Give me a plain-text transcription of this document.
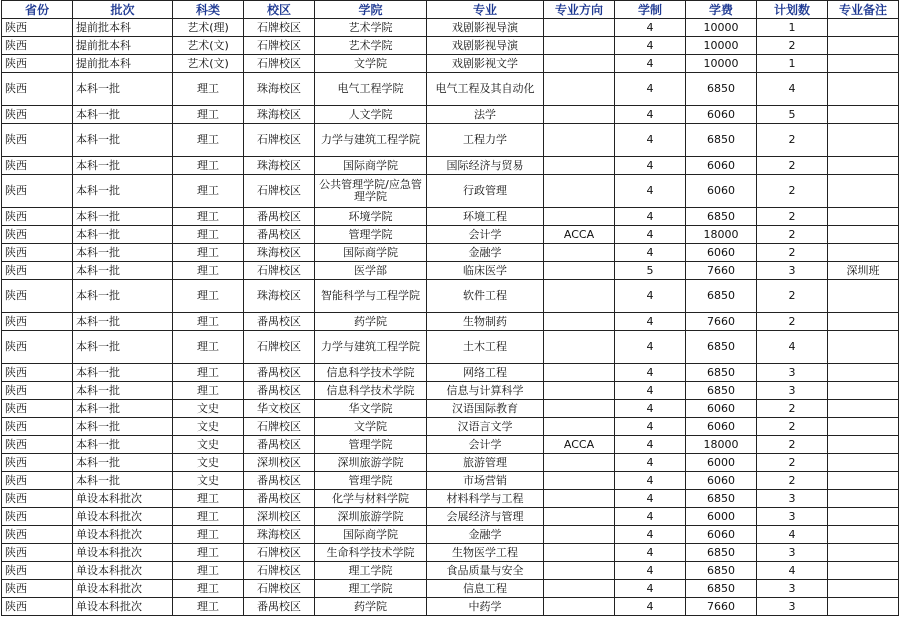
省份	批次	科类	校区	学院	专业	专业方向	学制	学费	计划数	专业备注
陕西	提前批本科	艺术(理)	石牌校区	艺术学院	戏剧影视导演		4	10000	1	
陕西	提前批本科	艺术(文)	石牌校区	艺术学院	戏剧影视导演		4	10000	2	
陕西	提前批本科	艺术(文)	石牌校区	文学院	戏剧影视文学		4	10000	1	
陕西	本科一批	理工	珠海校区	电气工程学院	电气工程及其自动化		4	6850	4	
陕西	本科一批	理工	珠海校区	人文学院	法学		4	6060	5	
陕西	本科一批	理工	石牌校区	力学与建筑工程学院	工程力学		4	6850	2	
陕西	本科一批	理工	珠海校区	国际商学院	国际经济与贸易		4	6060	2	
陕西	本科一批	理工	石牌校区	公共管理学院/应急管理学院	行政管理		4	6060	2	
陕西	本科一批	理工	番禺校区	环境学院	环境工程		4	6850	2	
陕西	本科一批	理工	番禺校区	管理学院	会计学	ACCA	4	18000	2	
陕西	本科一批	理工	珠海校区	国际商学院	金融学		4	6060	2	
陕西	本科一批	理工	石牌校区	医学部	临床医学		5	7660	3	深圳班
陕西	本科一批	理工	珠海校区	智能科学与工程学院	软件工程		4	6850	2	
陕西	本科一批	理工	番禺校区	药学院	生物制药		4	7660	2	
陕西	本科一批	理工	石牌校区	力学与建筑工程学院	土木工程		4	6850	4	
陕西	本科一批	理工	番禺校区	信息科学技术学院	网络工程		4	6850	3	
陕西	本科一批	理工	番禺校区	信息科学技术学院	信息与计算科学		4	6850	3	
陕西	本科一批	文史	华文校区	华文学院	汉语国际教育		4	6060	2	
陕西	本科一批	文史	石牌校区	文学院	汉语言文学		4	6060	2	
陕西	本科一批	文史	番禺校区	管理学院	会计学	ACCA	4	18000	2	
陕西	本科一批	文史	深圳校区	深圳旅游学院	旅游管理		4	6000	2	
陕西	本科一批	文史	番禺校区	管理学院	市场营销		4	6060	2	
陕西	单设本科批次	理工	番禺校区	化学与材料学院	材料科学与工程		4	6850	3	
陕西	单设本科批次	理工	深圳校区	深圳旅游学院	会展经济与管理		4	6000	3	
陕西	单设本科批次	理工	珠海校区	国际商学院	金融学		4	6060	4	
陕西	单设本科批次	理工	石牌校区	生命科学技术学院	生物医学工程		4	6850	3	
陕西	单设本科批次	理工	石牌校区	理工学院	食品质量与安全		4	6850	4	
陕西	单设本科批次	理工	石牌校区	理工学院	信息工程		4	6850	3	
陕西	单设本科批次	理工	番禺校区	药学院	中药学		4	7660	3	
